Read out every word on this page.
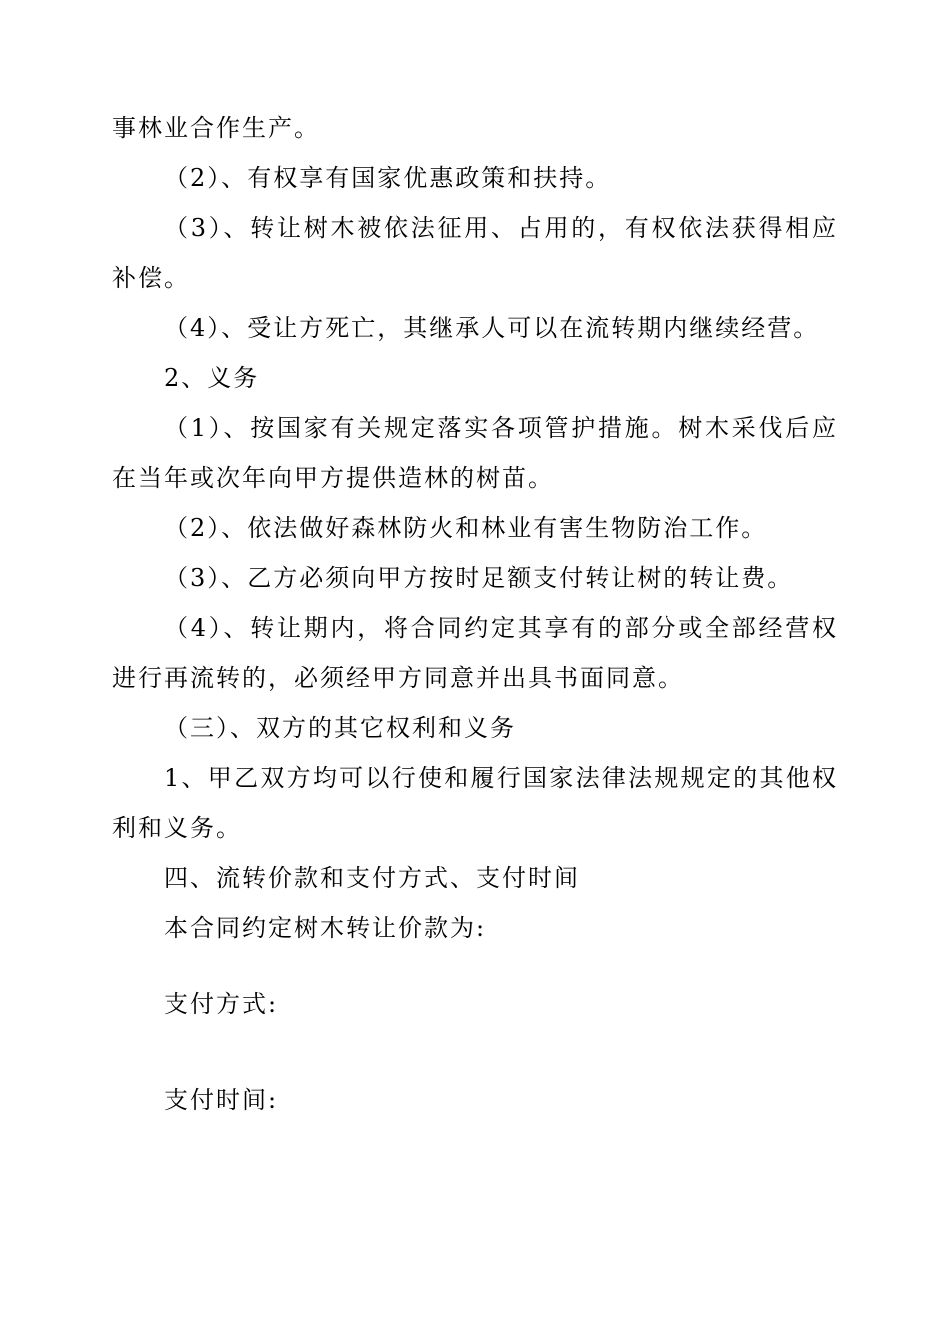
事林业合作生产。
（2）、有权享有国家优惠政策和扶持。
（3）、转让树木被依法征用、占用的，有权依法获得相应
补偿。
（4）、受让方死亡，其继承人可以在流转期内继续经营。
2、义务
（1）、按国家有关规定落实各项管护措施。树木采伐后应
在当年或次年向甲方提供造林的树苗。
（2）、依法做好森林防火和林业有害生物防治工作。
（3）、乙方必须向甲方按时足额支付转让树的转让费。
（4）、转让期内，将合同约定其享有的部分或全部经营权
进行再流转的，必须经甲方同意并出具书面同意。
（三）、双方的其它权利和义务
1、甲乙双方均可以行使和履行国家法律法规规定的其他权
利和义务。
四、流转价款和支付方式、支付时间
本合同约定树木转让价款为:
支付方式:
支付时间:
